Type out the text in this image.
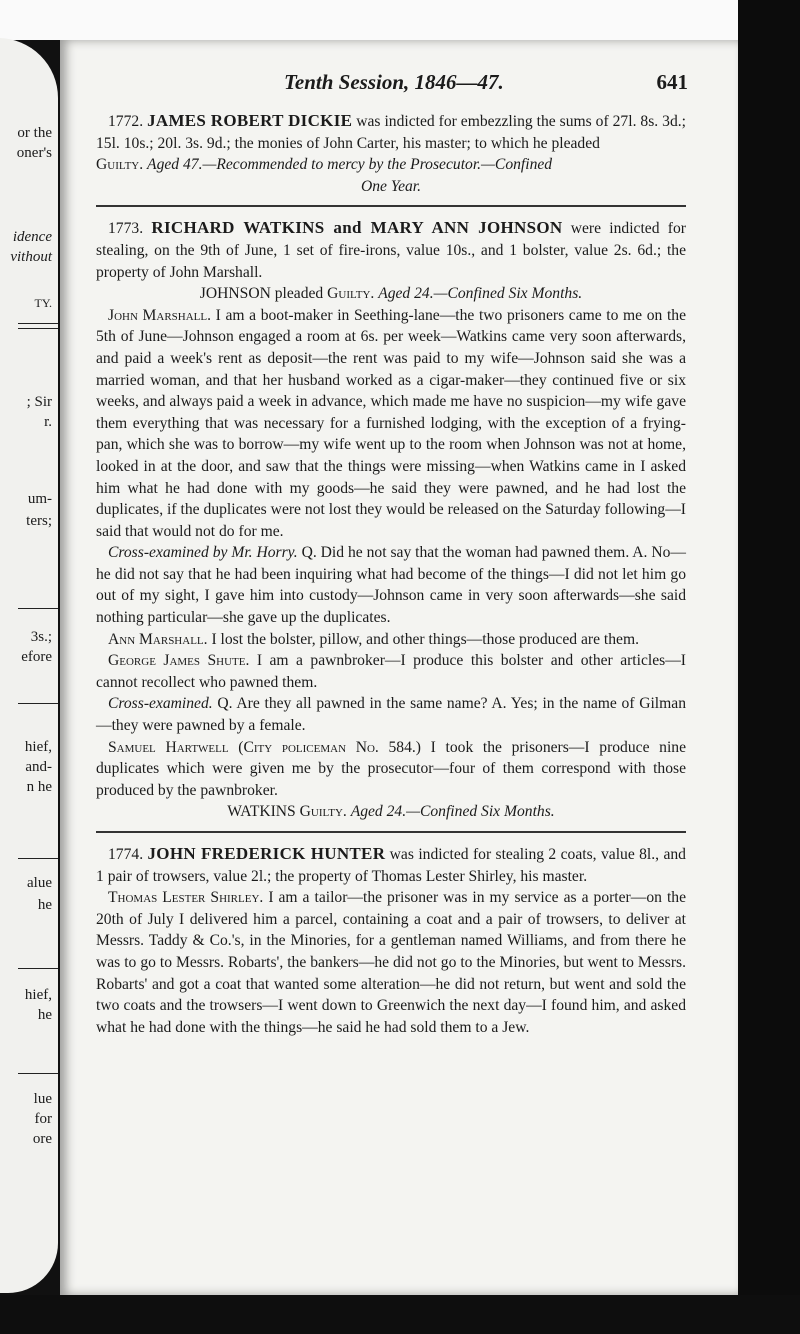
or the
oner's
idence
vithout
TY.
; Sir
r.
um-
ters;
3s.;
efore
hief,
and-
n he
alue
he
hief,
he
lue
for
ore
Tenth Session, 1846—47.	641

1772. JAMES ROBERT DICKIE was indicted for embezzling the sums of 27l. 8s. 3d.; 15l. 10s.; 20l. 3s. 9d.; the monies of John Carter, his master; to which he pleaded

Guilty. Aged 47.—Recommended to mercy by the Prosecutor.—Confined

One Year.

1773. RICHARD WATKINS and MARY ANN JOHNSON were indicted for stealing, on the 9th of June, 1 set of fire-irons, value 10s., and 1 bolster, value 2s. 6d.; the property of John Marshall.

JOHNSON pleaded Guilty. Aged 24.—Confined Six Months.

John Marshall. I am a boot-maker in Seething-lane—the two prisoners came to me on the 5th of June—Johnson engaged a room at 6s. per week—Watkins came very soon afterwards, and paid a week's rent as deposit—the rent was paid to my wife—Johnson said she was a married woman, and that her husband worked as a cigar-maker—they continued five or six weeks, and always paid a week in advance, which made me have no suspicion—my wife gave them everything that was necessary for a furnished lodging, with the exception of a frying-pan, which she was to borrow—my wife went up to the room when Johnson was not at home, looked in at the door, and saw that the things were missing—when Watkins came in I asked him what he had done with my goods—he said they were pawned, and he had lost the duplicates, if the duplicates were not lost they would be released on the Saturday following—I said that would not do for me.

Cross-examined by Mr. Horry. Q. Did he not say that the woman had pawned them. A. No—he did not say that he had been inquiring what had become of the things—I did not let him go out of my sight, I gave him into custody—Johnson came in very soon afterwards—she said nothing particular—she gave up the duplicates.

Ann Marshall. I lost the bolster, pillow, and other things—those produced are them.

George James Shute. I am a pawnbroker—I produce this bolster and other articles—I cannot recollect who pawned them.

Cross-examined. Q. Are they all pawned in the same name? A. Yes; in the name of Gilman—they were pawned by a female.

Samuel Hartwell (City policeman No. 584.) I took the prisoners—I produce nine duplicates which were given me by the prosecutor—four of them correspond with those produced by the pawnbroker.

WATKINS Guilty. Aged 24.—Confined Six Months.

1774. JOHN FREDERICK HUNTER was indicted for stealing 2 coats, value 8l., and 1 pair of trowsers, value 2l.; the property of Thomas Lester Shirley, his master.

Thomas Lester Shirley. I am a tailor—the prisoner was in my service as a porter—on the 20th of July I delivered him a parcel, containing a coat and a pair of trowsers, to deliver at Messrs. Taddy & Co.'s, in the Minories, for a gentleman named Williams, and from there he was to go to Messrs. Robarts', the bankers—he did not go to the Minories, but went to Messrs. Robarts' and got a coat that wanted some alteration—he did not return, but went and sold the two coats and the trowsers—I went down to Greenwich the next day—I found him, and asked what he had done with the things—he said he had sold them to a Jew.
